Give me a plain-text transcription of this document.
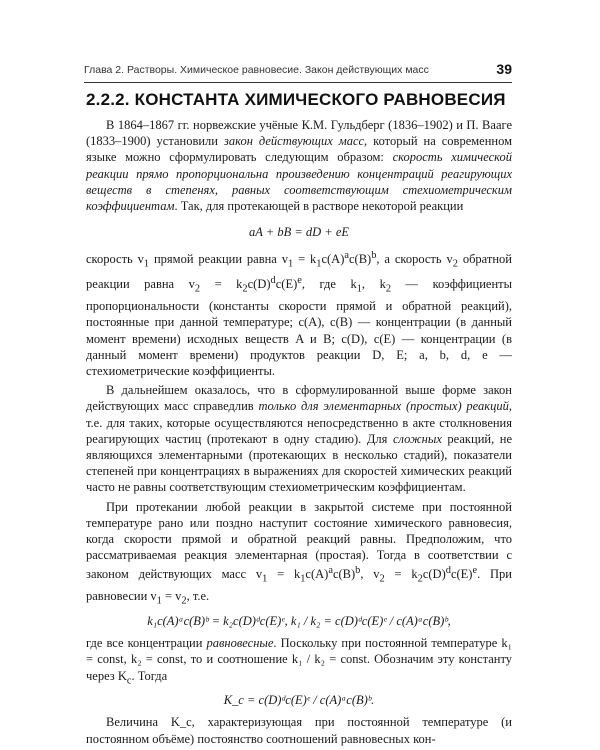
Глава 2. Растворы. Химическое равновесие. Закон действующих масс	39
2.2.2. КОНСТАНТА ХИМИЧЕСКОГО РАВНОВЕСИЯ

В 1864–1867 гг. норвежские учёные К.М. Гульдберг (1836–1902) и П. Вааге (1833–1900) установили закон действующих масс, который на современном языке можно сформулировать следующим образом: скорость химической реакции прямо пропорциональна произведению концентраций реагирующих веществ в степенях, равных соответствующим стехиометрическим коэффициентам. Так, для протекающей в растворе некоторой реакции

aA + bB = dD + eE

скорость $v_1$ прямой реакции равна $v_1 = k_1c(A)^ac(B)^b$, а скорость $v_2$ обратной реакции равна $v_2 = k_2c(D)^dc(E)^e$, где $k_1$, $k_2$ — коэффициенты пропорциональности (константы скорости прямой и обратной реакций), постоянные при данной температуре; c(A), c(B) — концентрации (в данный момент времени) исходных веществ A и B; c(D), c(E) — концентрации (в данный момент времени) продуктов реакции D, E; a, b, d, e — стехиометрические коэффициенты.

В дальнейшем оказалось, что в сформулированной выше форме закон действующих масс справедлив только для элементарных (простых) реакций, т.е. для таких, которые осуществляются непосредственно в акте столкновения реагирующих частиц (протекают в одну стадию). Для сложных реакций, не являющихся элементарными (протекающих в несколько стадий), показатели степеней при концентрациях в выражениях для скоростей химических реакций часто не равны соответствующим стехиометрическим коэффициентам.

При протекании любой реакции в закрытой системе при постоянной температуре рано или поздно наступит состояние химического равновесия, когда скорости прямой и обратной реакций равны. Предположим, что рассматриваемая реакция элементарная (простая). Тогда в соответствии с законом действующих масс $v_1 = k_1c(A)^ac(B)^b$, $v_2 = k_2c(D)^dc(E)^e$. При равновесии $v_1 = v_2$, т.е.

k₁c(A)ᵃc(B)ᵇ = k₂c(D)ᵈc(E)ᵉ, k₁ / k₂ = c(D)ᵈc(E)ᵉ / c(A)ᵃc(B)ᵇ,

где все концентрации равновесные. Поскольку при постоянной температуре k₁ = const, k₂ = const, то и соотношение k₁ / k₂ = const. Обозначим эту константу через $K_c$. Тогда

K_c = c(D)ᵈc(E)ᵉ / c(A)ᵃc(B)ᵇ.

Величина K_c, характеризующая при постоянной температуре (и постоянном объёме) постоянство соотношений равновесных кон-
